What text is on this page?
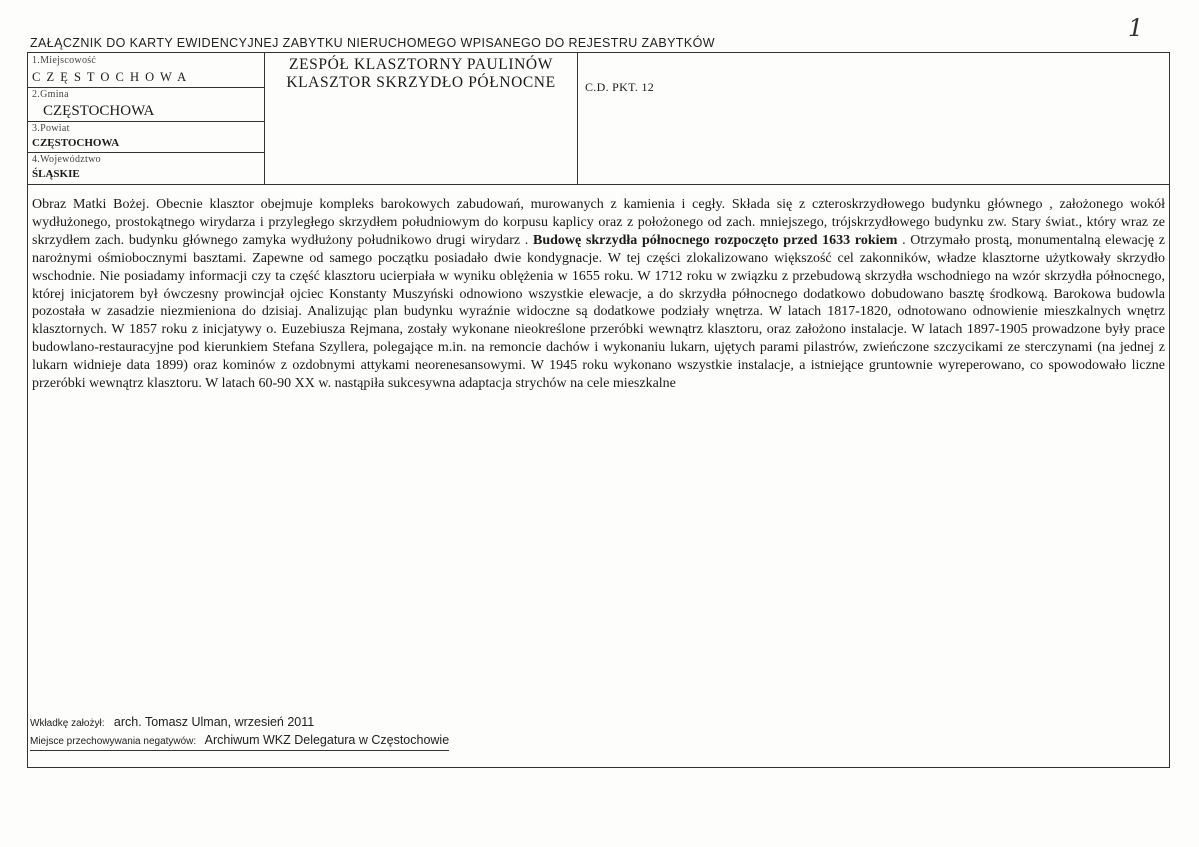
1
ZAŁĄCZNIK DO KARTY EWIDENCYJNEJ ZABYTKU NIERUCHOMEGO WPISANEGO DO REJESTRU ZABYTKÓW
1.Miejscowość
C Z Ę S T O C H O W A
2.Gmina
CZĘSTOCHOWA
3.Powiat
CZĘSTOCHOWA
4.Województwo
ŚLĄSKIE
ZESPÓŁ KLASZTORNY PAULINÓW
KLASZTOR SKRZYDŁO PÓŁNOCNE	C.D. PKT. 12
Obraz Matki Bożej. Obecnie klasztor obejmuje kompleks barokowych zabudowań, murowanych z kamienia i cegły. Składa się z czteroskrzydłowego budynku głównego , założonego wokół wydłużonego, prostokątnego wirydarza i przyległego skrzydłem południowym do korpusu kaplicy oraz z położonego od zach. mniejszego, trójskrzydłowego budynku zw. Stary świat., który wraz ze skrzydłem zach. budynku głównego zamyka wydłużony południkowo drugi wirydarz . Budowę skrzydła północnego rozpoczęto przed 1633 rokiem . Otrzymało prostą, monumentalną elewację z narożnymi ośmiobocznymi basztami. Zapewne od samego początku posiadało dwie kondygnacje. W tej części zlokalizowano większość cel zakonników, władze klasztorne użytkowały skrzydło wschodnie. Nie posiadamy informacji czy ta część klasztoru ucierpiała w wyniku oblężenia w 1655 roku. W 1712 roku w związku z przebudową skrzydła wschodniego na wzór skrzydła północnego, której inicjatorem był ówczesny prowincjał ojciec Konstanty Muszyński odnowiono wszystkie elewacje, a do skrzydła północnego dodatkowo dobudowano basztę środkową. Barokowa budowla pozostała w zasadzie niezmieniona do dzisiaj. Analizując plan budynku wyraźnie widoczne są dodatkowe podziały wnętrza. W latach 1817-1820, odnotowano odnowienie mieszkalnych wnętrz klasztornych. W 1857 roku z inicjatywy o. Euzebiusza Rejmana, zostały wykonane nieokreślone przeróbki wewnątrz klasztoru, oraz założono instalacje. W latach 1897-1905 prowadzone były prace budowlano-restauracyjne pod kierunkiem Stefana Szyllera, polegające m.in. na remoncie dachów i wykonaniu lukarn, ujętych parami pilastrów, zwieńczone szczycikami ze sterczynami (na jednej z lukarn widnieje data 1899) oraz kominów z ozdobnymi attykami neorenesansowymi. W 1945 roku wykonano wszystkie instalacje, a istniejące gruntownie wyreperowano, co spowodowało liczne przeróbki wewnątrz klasztoru. W latach 60-90 XX w. nastąpiła sukcesywna adaptacja strychów na cele mieszkalne
Wkładkę założył: arch. Tomasz Ulman, wrzesień 2011
Miejsce przechowywania negatywów: Archiwum WKZ Delegatura w Częstochowie
